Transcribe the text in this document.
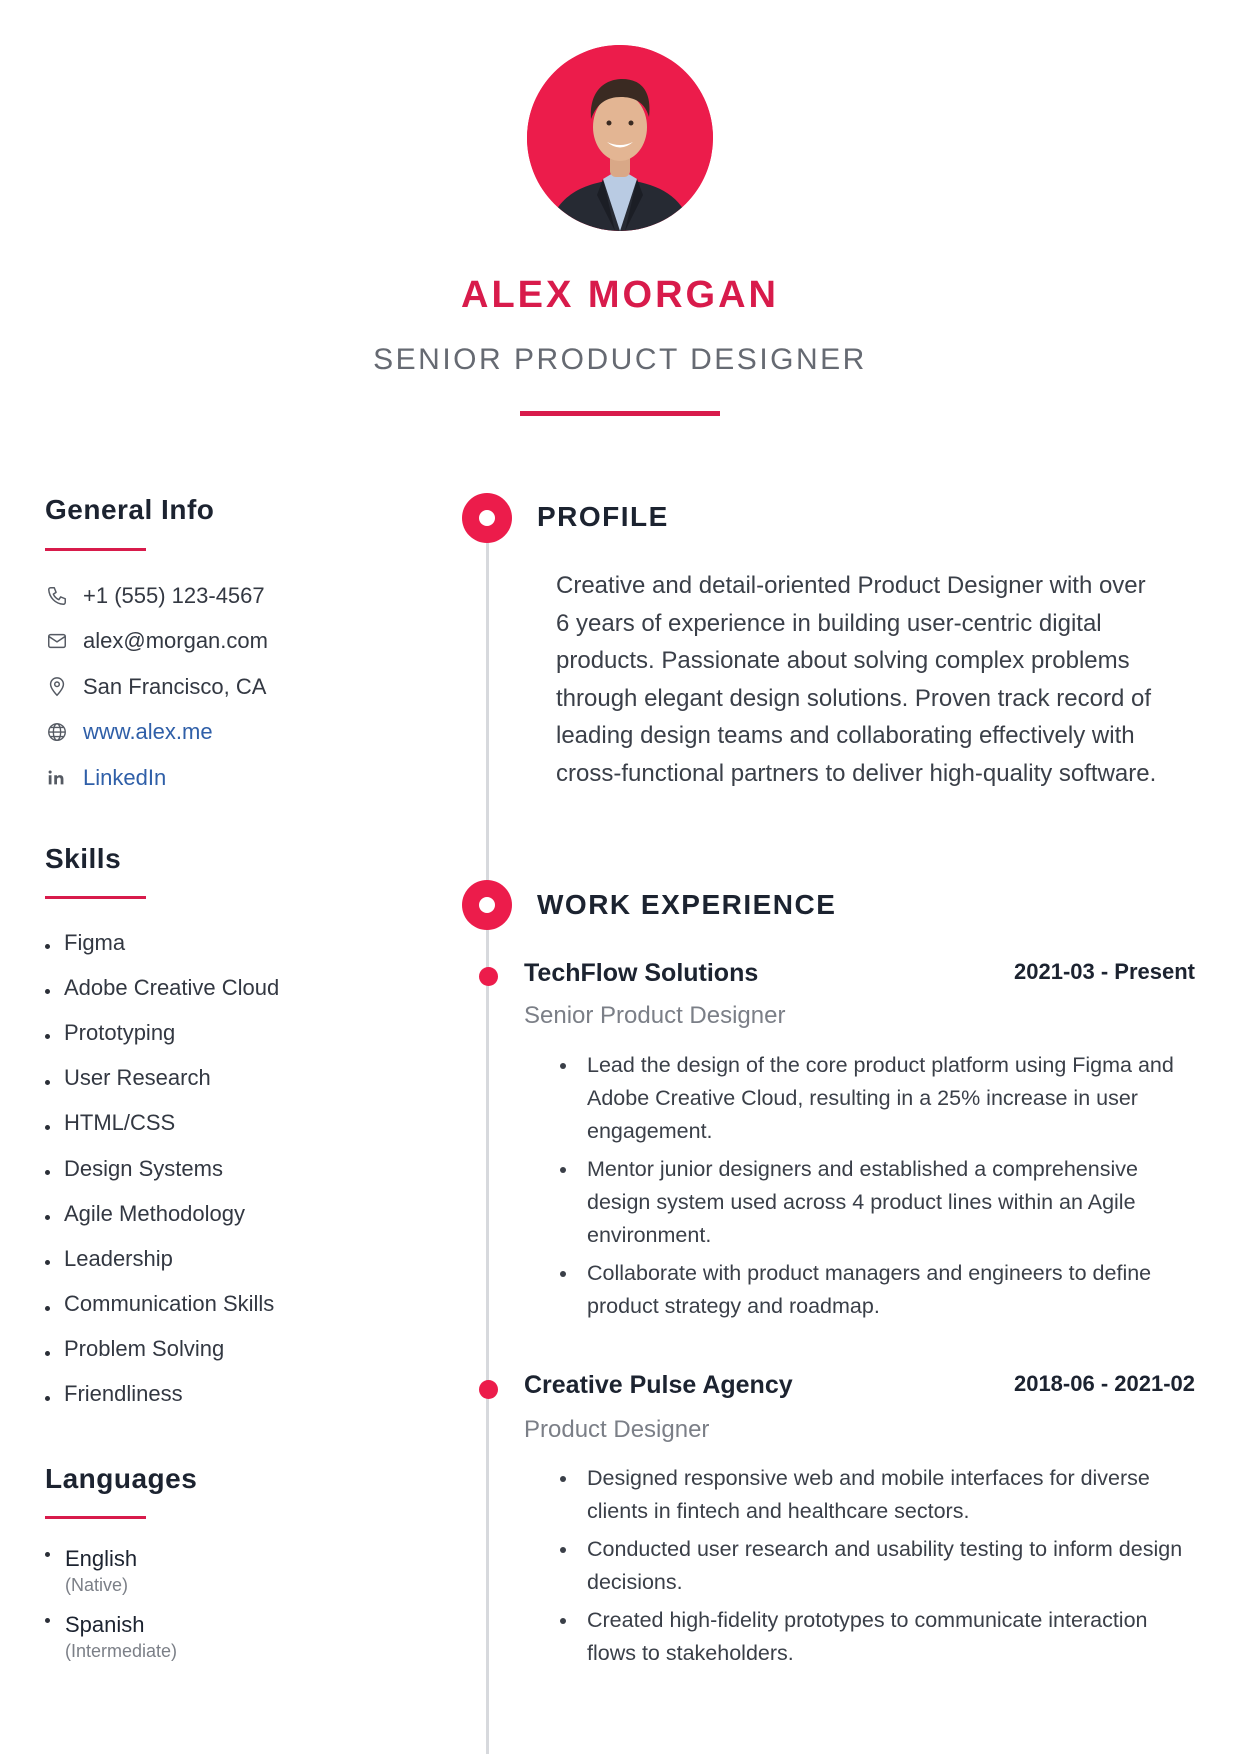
ALEX MORGAN
SENIOR PRODUCT DESIGNER
General Info
+1 (555) 123-4567
alex@morgan.com
San Francisco, CA
www.alex.me
LinkedIn
Skills
Figma
Adobe Creative Cloud
Prototyping
User Research
HTML/CSS
Design Systems
Agile Methodology
Leadership
Communication Skills
Problem Solving
Friendliness
Languages
English
(Native)
Spanish
(Intermediate)
PROFILE
Creative and detail-oriented Product Designer with over 6 years of experience in building user-centric digital products. Passionate about solving complex problems through elegant design solutions. Proven track record of leading design teams and collaborating effectively with cross-functional partners to deliver high-quality software.
WORK EXPERIENCE
TechFlow Solutions	2021-03 - Present
Senior Product Designer
Lead the design of the core product platform using Figma and Adobe Creative Cloud, resulting in a 25% increase in user engagement.
Mentor junior designers and established a comprehensive design system used across 4 product lines within an Agile environment.
Collaborate with product managers and engineers to define product strategy and roadmap.
Creative Pulse Agency	2018-06 - 2021-02
Product Designer
Designed responsive web and mobile interfaces for diverse clients in fintech and healthcare sectors.
Conducted user research and usability testing to inform design decisions.
Created high-fidelity prototypes to communicate interaction flows to stakeholders.
